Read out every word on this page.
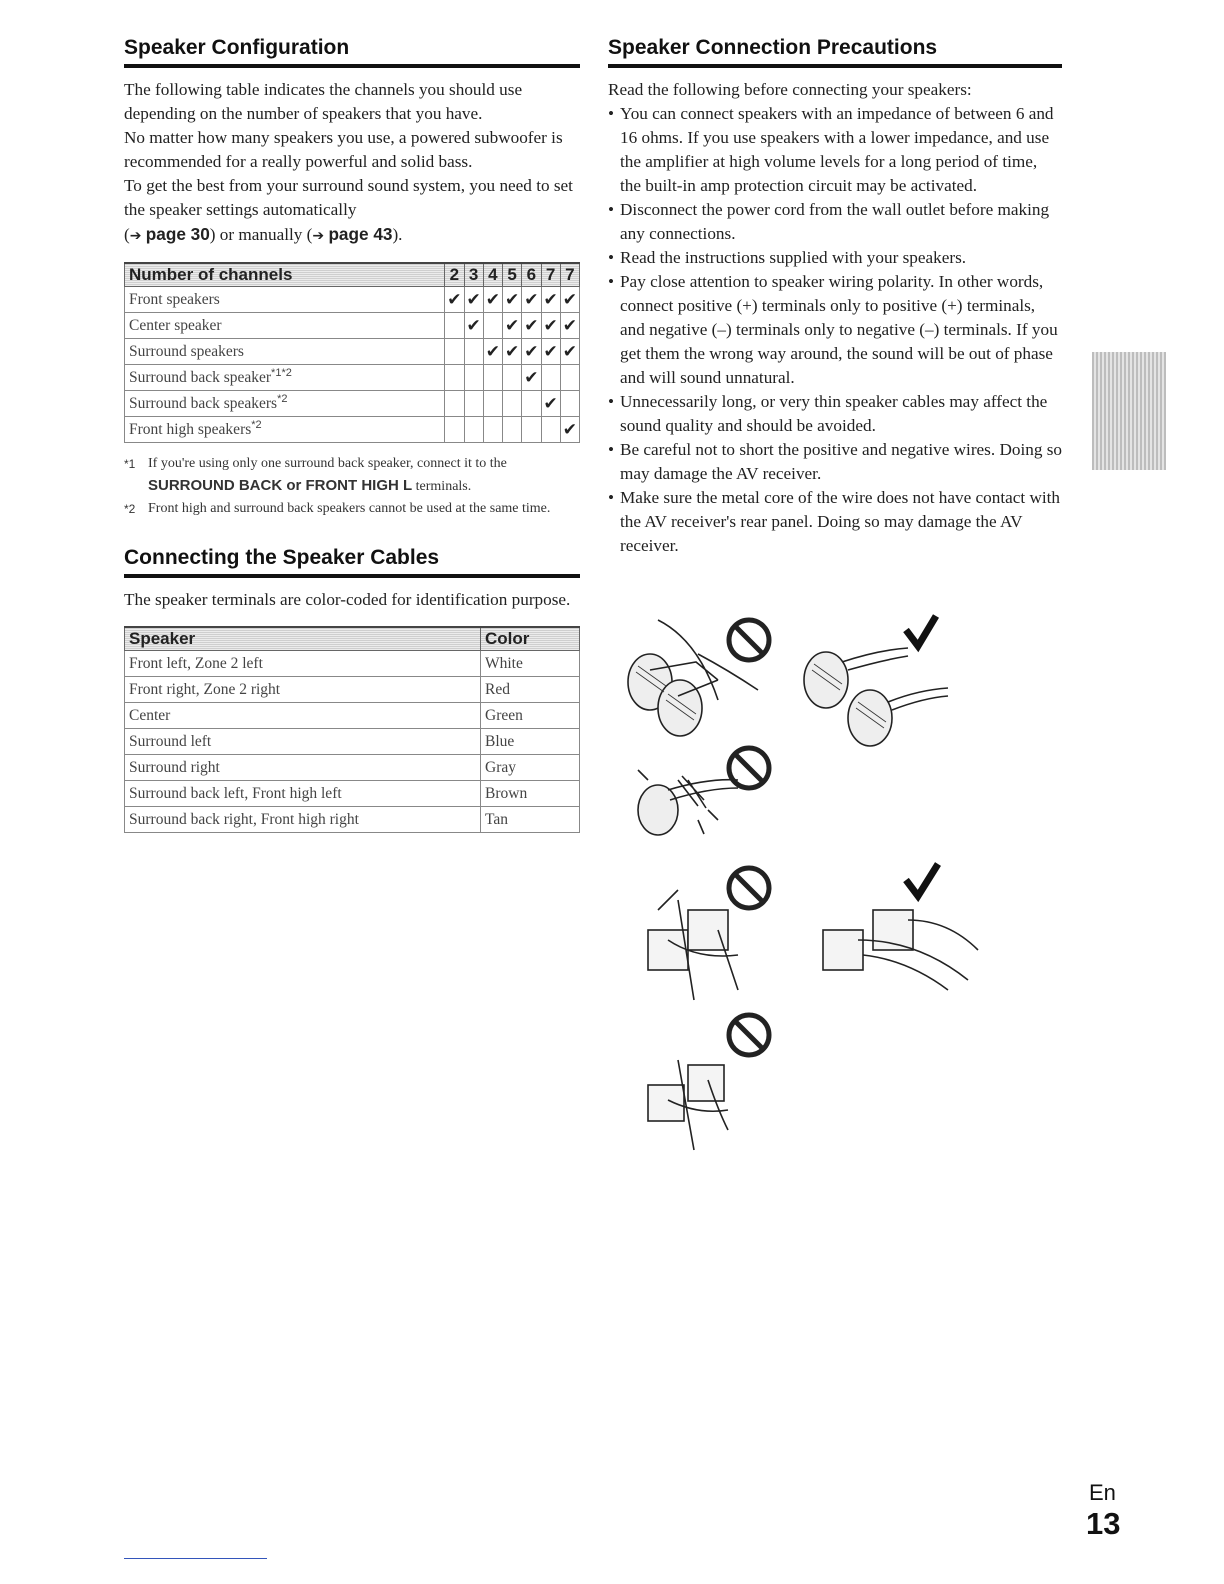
Speaker Configuration

The following table indicates the channels you should use depending on the number of speakers that you have.

No matter how many speakers you use, a powered subwoofer is recommended for a really powerful and solid bass.

To get the best from your surround sound system, you need to set the speaker settings automatically
(➔ page 30) or manually (➔ page 43).

Number of channels	2	3	4	5	6	7	7
Front speakers	✔	✔	✔	✔	✔	✔	✔
Center speaker		✔		✔	✔	✔	✔
Surround speakers			✔	✔	✔	✔	✔
Surround back speaker$^{*1*2}$					✔		
Surround back speakers$^{*2}$						✔	
Front high speakers$^{*2}$							✔
*1 If you're using only one surround back speaker, connect it to the SURROUND BACK or FRONT HIGH L terminals.
*2 Front high and surround back speakers cannot be used at the same time.
Connecting the Speaker Cables

The speaker terminals are color-coded for identification purpose.

Speaker	Color
Front left, Zone 2 left	White
Front right, Zone 2 right	Red
Center	Green
Surround left	Blue
Surround right	Gray
Surround back left, Front high left	Brown
Surround back right, Front high right	Tan
Speaker Connection Precautions

Read the following before connecting your speakers:

• You can connect speakers with an impedance of between 6 and 16 ohms. If you use speakers with a lower impedance, and use the amplifier at high volume levels for a long period of time, the built-in amp protection circuit may be activated.
• Disconnect the power cord from the wall outlet before making any connections.
• Read the instructions supplied with your speakers.
• Pay close attention to speaker wiring polarity. In other words, connect positive (+) terminals only to positive (+) terminals, and negative (–) terminals only to negative (–) terminals. If you get them the wrong way around, the sound will be out of phase and will sound unnatural.
• Unnecessarily long, or very thin speaker cables may affect the sound quality and should be avoided.
• Be careful not to short the positive and negative wires. Doing so may damage the AV receiver.
• Make sure the metal core of the wire does not have contact with the AV receiver's rear panel. Doing so may damage the AV receiver.
En
13
